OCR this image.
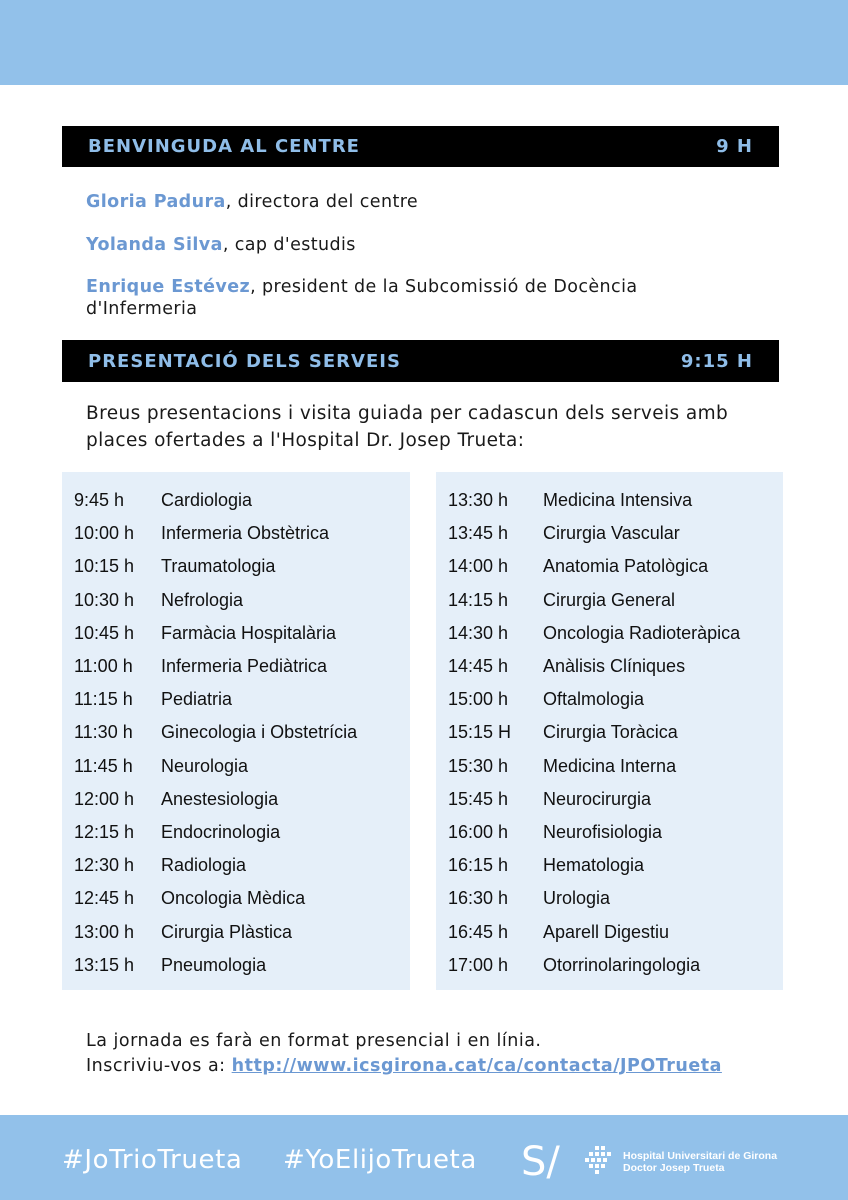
BENVINGUDA AL CENTRE	9 H
Gloria Padura, directora del centre
Yolanda Silva, cap d'estudis
Enrique Estévez, president de la Subcomissió de Docència d'Infermeria
PRESENTACIÓ DELS SERVEIS	9:15 H
Breus presentacions i visita guiada per cadascun dels serveis amb places ofertades a l'Hospital Dr. Josep Trueta:
9:45 h Cardiologia
10:00 h Infermeria Obstètrica
10:15 h Traumatologia
10:30 h Nefrologia
10:45 h Farmàcia Hospitalària
11:00 h Infermeria Pediàtrica
11:15 h Pediatria
11:30 h Ginecologia i Obstetrícia
11:45 h Neurologia
12:00 h Anestesiologia
12:15 h Endocrinologia
12:30 h Radiologia
12:45 h Oncologia Mèdica
13:00 h Cirurgia Plàstica
13:15 h Pneumologia
13:30 h Medicina Intensiva
13:45 h Cirurgia Vascular
14:00 h Anatomia Patològica
14:15 h Cirurgia General
14:30 h Oncologia Radioteràpica
14:45 h Anàlisis Clíniques
15:00 h Oftalmologia
15:15 H Cirurgia Toràcica
15:30 h Medicina Interna
15:45 h Neurocirurgia
16:00 h Neurofisiologia
16:15 h Hematologia
16:30 h Urologia
16:45 h Aparell Digestiu
17:00 h Otorrinolaringologia
La jornada es farà en format presencial i en línia.
Inscriviu-vos a: http://www.icsgirona.cat/ca/contacta/JPOTrueta
#JoTrioTrueta #YoElijoTrueta S/	Hospital Universitari de Girona
Doctor Josep Trueta
